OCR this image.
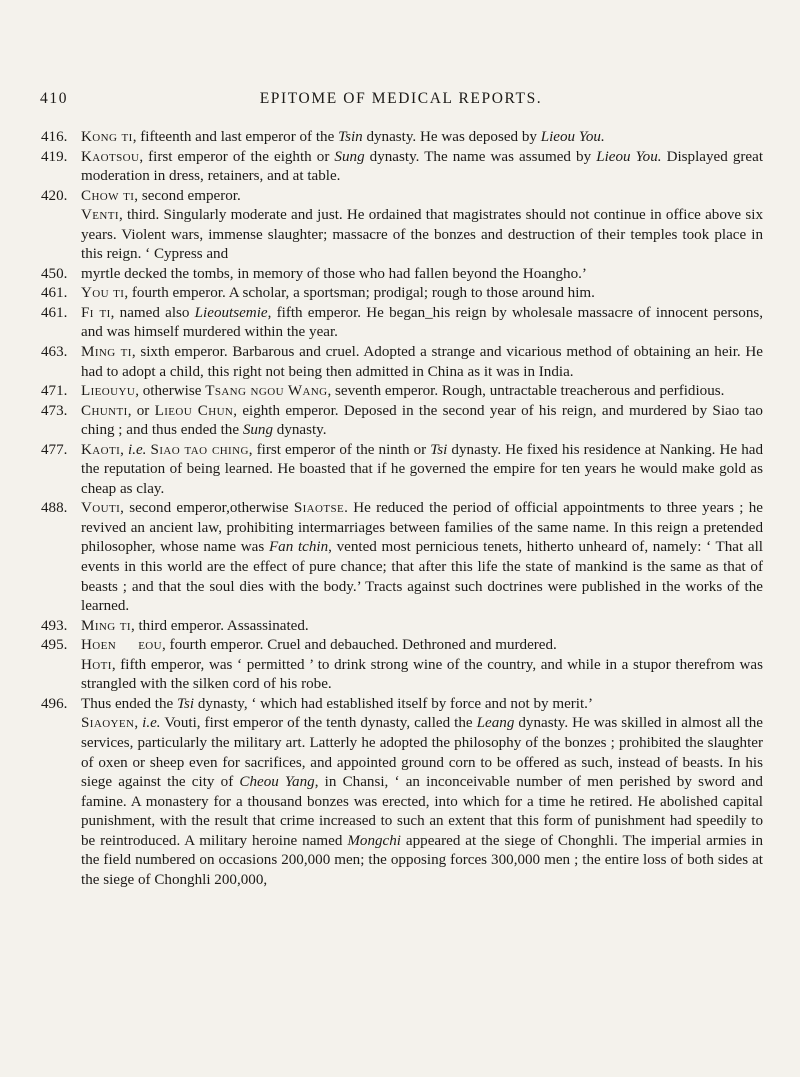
410	EPITOME OF MEDICAL REPORTS.
416. Kong ti, fifteenth and last emperor of the Tsin dynasty. He was deposed by Lieou You.
419. Kaotsou, first emperor of the eighth or Sung dynasty. The name was assumed by Lieou You. Displayed great moderation in dress, retainers, and at table.
420. Chow ti, second emperor.
Venti, third. Singularly moderate and just. He ordained that magistrates should not continue in office above six years. Violent wars, immense slaughter; massacre of the bonzes and destruction of their temples took place in this reign. ‘ Cypress and
450. myrtle decked the tombs, in memory of those who had fallen beyond the Hoangho.’
461. You ti, fourth emperor. A scholar, a sportsman; prodigal; rough to those around him.
461. Fi ti, named also Lieoutsemie, fifth emperor. He began_his reign by wholesale massacre of innocent persons, and was himself murdered within the year.
463. Ming ti, sixth emperor. Barbarous and cruel. Adopted a strange and vicarious method of obtaining an heir. He had to adopt a child, this right not being then admitted in China as it was in India.
471. Lieouyu, otherwise Tsang ngou Wang, seventh emperor. Rough, untractable treacherous and perfidious.
473. Chunti, or Lieou Chun, eighth emperor. Deposed in the second year of his reign, and murdered by Siao tao ching ; and thus ended the Sung dynasty.
477. Kaoti, i.e. Siao tao ching, first emperor of the ninth or Tsi dynasty. He fixed his residence at Nanking. He had the reputation of being learned. He boasted that if he governed the empire for ten years he would make gold as cheap as clay.
488. Vouti, second emperor,otherwise Siaotse. He reduced the period of official appointments to three years ; he revived an ancient law, prohibiting intermarriages between families of the same name. In this reign a pretended philosopher, whose name was Fan tchin, vented most pernicious tenets, hitherto unheard of, namely: ‘ That all events in this world are the effect of pure chance; that after this life the state of mankind is the same as that of beasts ; and that the soul dies with the body.’ Tracts against such doctrines were published in the works of the learned.
493. Ming ti, third emperor. Assassinated.
495. Hoen ɪɪeou, fourth emperor. Cruel and debauched. Dethroned and murdered.
Hoti, fifth emperor, was ‘ permitted ’ to drink strong wine of the country, and while in a stupor therefrom was strangled with the silken cord of his robe.
496. Thus ended the Tsi dynasty, ‘ which had established itself by force and not by merit.’
Siaoyen, i.e. Vouti, first emperor of the tenth dynasty, called the Leang dynasty. He was skilled in almost all the services, particularly the military art. Latterly he adopted the philosophy of the bonzes ; prohibited the slaughter of oxen or sheep even for sacrifices, and appointed ground corn to be offered as such, instead of beasts. In his siege against the city of Cheou Yang, in Chansi, ‘ an inconceivable number of men perished by sword and famine. A monastery for a thousand bonzes was erected, into which for a time he retired. He abolished capital punishment, with the result that crime increased to such an extent that this form of punishment had speedily to be reintroduced. A military heroine named Mongchi appeared at the siege of Chonghli. The imperial armies in the field numbered on occasions 200,000 men; the opposing forces 300,000 men ; the entire loss of both sides at the siege of Chonghli 200,000,
